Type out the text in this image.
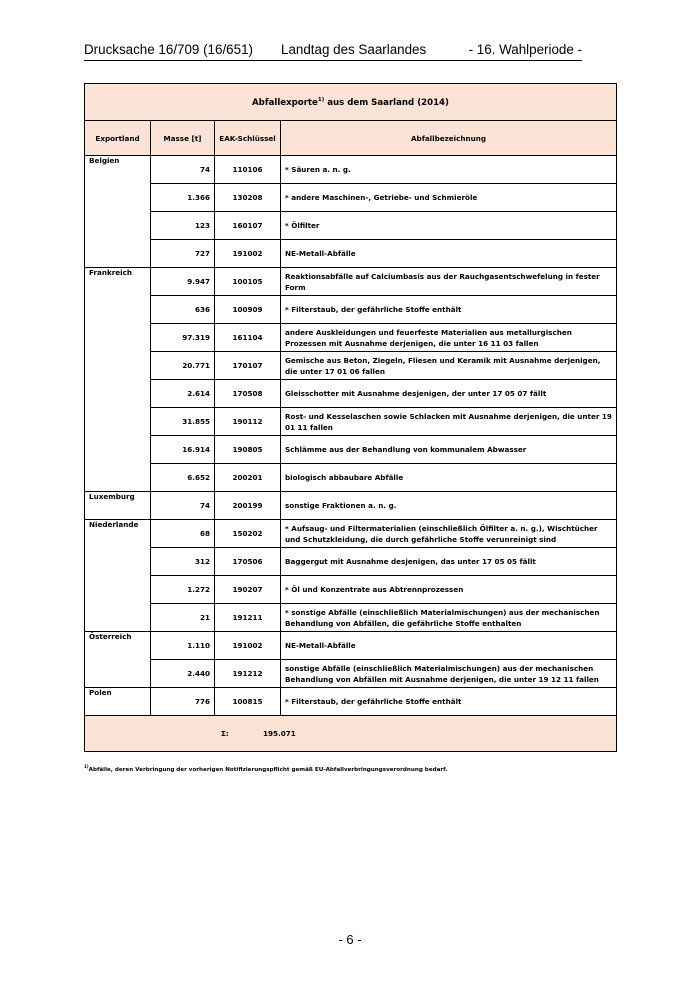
Drucksache 16/709 (16/651) Landtag des Saarlandes	- 16. Wahlperiode -
Abfallexporte$^{1)}$ aus dem Saarland (2014)			
Exportland	Masse [t]	EAK-Schlüssel	Abfallbezeichnung
Belgien	74	110106	* Säuren a. n. g.
	1.366	130208	* andere Maschinen-, Getriebe- und Schmieröle
	123	160107	* Ölfilter
	727	191002	NE-Metall-Abfälle
Frankreich	9.947	100105	Reaktionsabfälle auf Calciumbasis aus der Rauchgasentschwefelung in fester Form
	636	100909	* Filterstaub, der gefährliche Stoffe enthält
	97.319	161104	andere Auskleidungen und feuerfeste Materialien aus metallurgischen Prozessen mit Ausnahme derjenigen, die unter 16 11 03 fallen
	20.771	170107	Gemische aus Beton, Ziegeln, Fliesen und Keramik mit Ausnahme derjenigen, die unter 17 01 06 fallen
	2.614	170508	Gleisschotter mit Ausnahme desjenigen, der unter 17 05 07 fällt
	31.855	190112	Rost- und Kesselaschen sowie Schlacken mit Ausnahme derjenigen, die unter 19 01 11 fallen
	16.914	190805	Schlämme aus der Behandlung von kommunalem Abwasser
	6.652	200201	biologisch abbaubare Abfälle
Luxemburg	74	200199	sonstige Fraktionen a. n. g.
Niederlande	68	150202	* Aufsaug- und Filtermaterialien (einschließlich Ölfilter a. n. g.), Wischtücher und Schutzkleidung, die durch gefährliche Stoffe verunreinigt sind
	312	170506	Baggergut mit Ausnahme desjenigen, das unter 17 05 05 fällt
	1.272	190207	* Öl und Konzentrate aus Abtrennprozessen
	21	191211	* sonstige Abfälle (einschließlich Materialmischungen) aus der mechanischen Behandlung von Abfällen, die gefährliche Stoffe enthalten
Österreich	1.110	191002	NE-Metall-Abfälle
	2.440	191212	sonstige Abfälle (einschließlich Materialmischungen) aus der mechanischen Behandlung von Abfällen mit Ausnahme derjenigen, die unter 19 12 11 fallen
Polen	776	100815	* Filterstaub, der gefährliche Stoffe enthält

Σ: 195.071			
$^{1)}$Abfälle, deren Verbringung der vorherigen Notifizierungspflicht gemäß EU-Abfallverbringungsverordnung bedarf.
- 6 -
